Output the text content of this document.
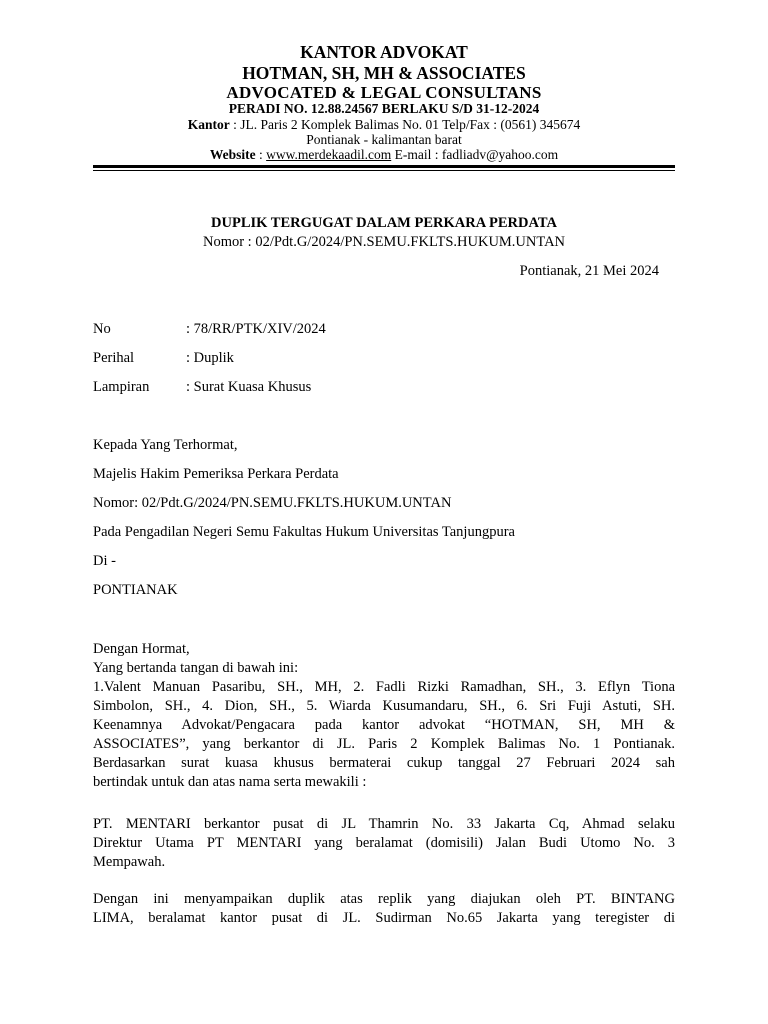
KANTOR ADVOKAT
HOTMAN, SH, MH & ASSOCIATES
ADVOCATED & LEGAL CONSULTANS
PERADI NO. 12.88.24567 BERLAKU S/D 31-12-2024
Kantor : JL. Paris 2 Komplek Balimas No. 01 Telp/Fax : (0561) 345674
Pontianak - kalimantan barat
Website : www.merdekaadil.com E-mail : fadliadv@yahoo.com
DUPLIK TERGUGAT DALAM PERKARA PERDATA
Nomor : 02/Pdt.G/2024/PN.SEMU.FKLTS.HUKUM.UNTAN
Pontianak, 21 Mei 2024
No	: 78/RR/PTK/XIV/2024
Perihal	: Duplik
Lampiran	: Surat Kuasa Khusus
Kepada Yang Terhormat,
Majelis Hakim Pemeriksa Perkara Perdata
Nomor: 02/Pdt.G/2024/PN.SEMU.FKLTS.HUKUM.UNTAN
Pada Pengadilan Negeri Semu Fakultas Hukum Universitas Tanjungpura
Di -
PONTIANAK
Dengan Hormat,
Yang bertanda tangan di bawah ini:
1.Valent Manuan Pasaribu, SH., MH, 2. Fadli Rizki Ramadhan, SH., 3. Eflyn Tiona
Simbolon, SH., 4. Dion, SH., 5. Wiarda Kusumandaru, SH., 6. Sri Fuji Astuti, SH.
Keenamnya Advokat/Pengacara pada kantor advokat “HOTMAN, SH, MH &
ASSOCIATES”, yang berkantor di JL. Paris 2 Komplek Balimas No. 1 Pontianak.
Berdasarkan surat kuasa khusus bermaterai cukup tanggal 27 Februari 2024 sah
bertindak untuk dan atas nama serta mewakili :
PT. MENTARI berkantor pusat di JL Thamrin No. 33 Jakarta Cq, Ahmad selaku
Direktur Utama PT MENTARI yang beralamat (domisili) Jalan Budi Utomo No. 3
Mempawah.
Dengan ini menyampaikan duplik atas replik yang diajukan oleh PT. BINTANG
LIMA, beralamat kantor pusat di JL. Sudirman No.65 Jakarta yang teregister di
